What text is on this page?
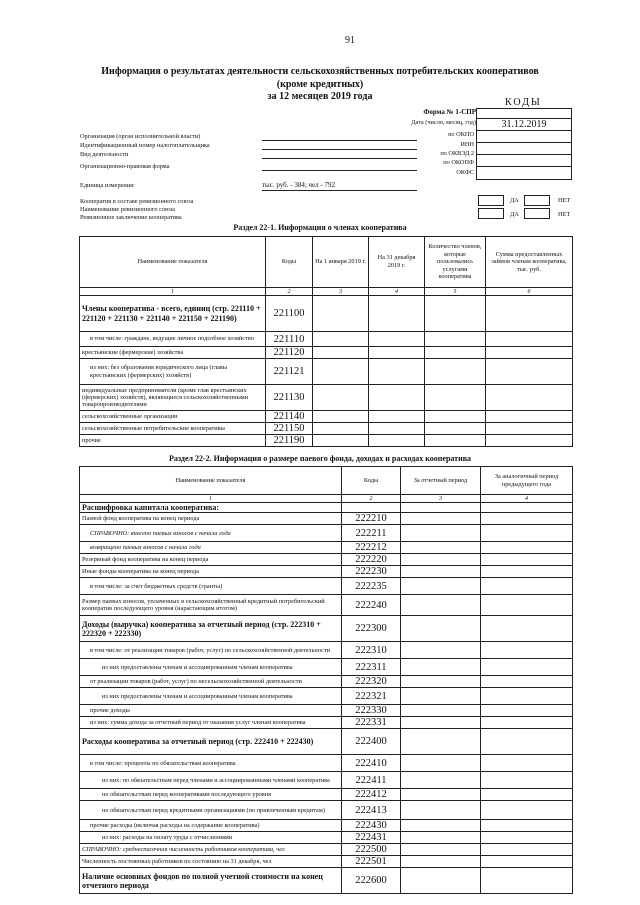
91
Информация о результатах деятельности сельскохозяйственных потребительских кооперативов
(кроме кредитных)
за 12 месяцев 2019 года
КОДЫ
Форма № 1-СПР
Дата (число, месяц, год)	31.12.2019
Организация (орган исполнительной власти)
Идентификационный номер налогоплательщика
Вид деятельности
Организационно-правовая форма
по ОКПО
ИНН
по ОКВЭД 2
по ОКОПФ
ОКФС
Единица измерения:	тыс. руб. - 384; чел - 792
Кооператив в составе ревизионного союза
Наименование ревизионного союза
Ревизионное заключение кооператива
ДА	НЕТ
ДА	НЕТ
Раздел 22-1. Информация о членах кооператива
Наименование показателя	Коды	На 1 января 2019 г.	На 31 декабря 2019 г.	Количество членов, которые пользовались услугами кооператива	Сумма предоставленных займов членам кооператива, тыс. руб.
1	2	3	4	5	6
Члены кооператива - всего, единиц (стр. 221110 + 221120 + 221130 + 221140 + 221150 + 221190)	221100				
в том числе: граждане, ведущие личное подсобное хозяйство	221110				
крестьянские (фермерские) хозяйства	221120				
из них: без образования юридического лица (главы крестьянских (фермерских) хозяйств)	221121				
индивидуальные предприниматели (кроме глав крестьянских (фермерских) хозяйств), являющиеся сельскохозяйственными товаропроизводителями	221130				
сельскохозяйственные организации	221140				
сельскохозяйственные потребительские кооперативы	221150				
прочие	221190				
Раздел 22-2. Информация о размере паевого фонда, доходах и расходах кооператива
Наименование показателя	Коды	За отчетный период	За аналогичный период предыдущего года
1	2	3	4
Расшифровка капитала кооператива:			
Паевой фонд кооператива на конец периода	222210		
СПРАВОЧНО: внесено паевых взносов с начала года	222211		
возвращено паевых взносов с начала года	222212		
Резервный фонд кооператива на конец периода	222220		
Иные фонды кооператива на конец периода	222230		
в том числе: за счет бюджетных средств (гранты)	222235		
Размер паевых взносов, уплаченных в сельскохозяйственный кредитный потребительский кооператив последующего уровня (нарастающим итогом)	222240		
Доходы (выручка) кооператива за отчетный период (стр. 222310 + 222320 + 222330)	222300		
в том числе: от реализации товаров (работ, услуг) по сельскохозяйственной деятельности	222310		
из них предоставлены членам и ассоциированным членам кооператива	222311		
от реализации товаров (работ, услуг) по несельскохозяйственной деятельности	222320		
из них предоставлены членам и ассоциированным членам кооператива	222321		
прочие доходы	222330		
из них: сумма дохода за отчетный период от оказания услуг членам кооператива	222331		
Расходы кооператива за отчетный период (стр. 222410 + 222430)	222400		
в том числе: проценты по обязательствам кооператива	222410		
из них: по обязательствам перед членами и ассоциированными членами кооператива	222411		
по обязательствам перед кооперативами последующего уровня	222412		
по обязательствам перед кредитными организациями (по привлеченным кредитам)	222413		
прочие расходы (включая расходы на содержание кооператива)	222430		
из них: расходы на оплату труда с отчислениями	222431		
СПРАВОЧНО: среднесписочная численность работников кооператива, чел	222500		
Численность постоянных работников по состоянию на 31 декабря, чел	222501		
Наличие основных фондов по полной учетной стоимости на конец отчетного периода	222600		
